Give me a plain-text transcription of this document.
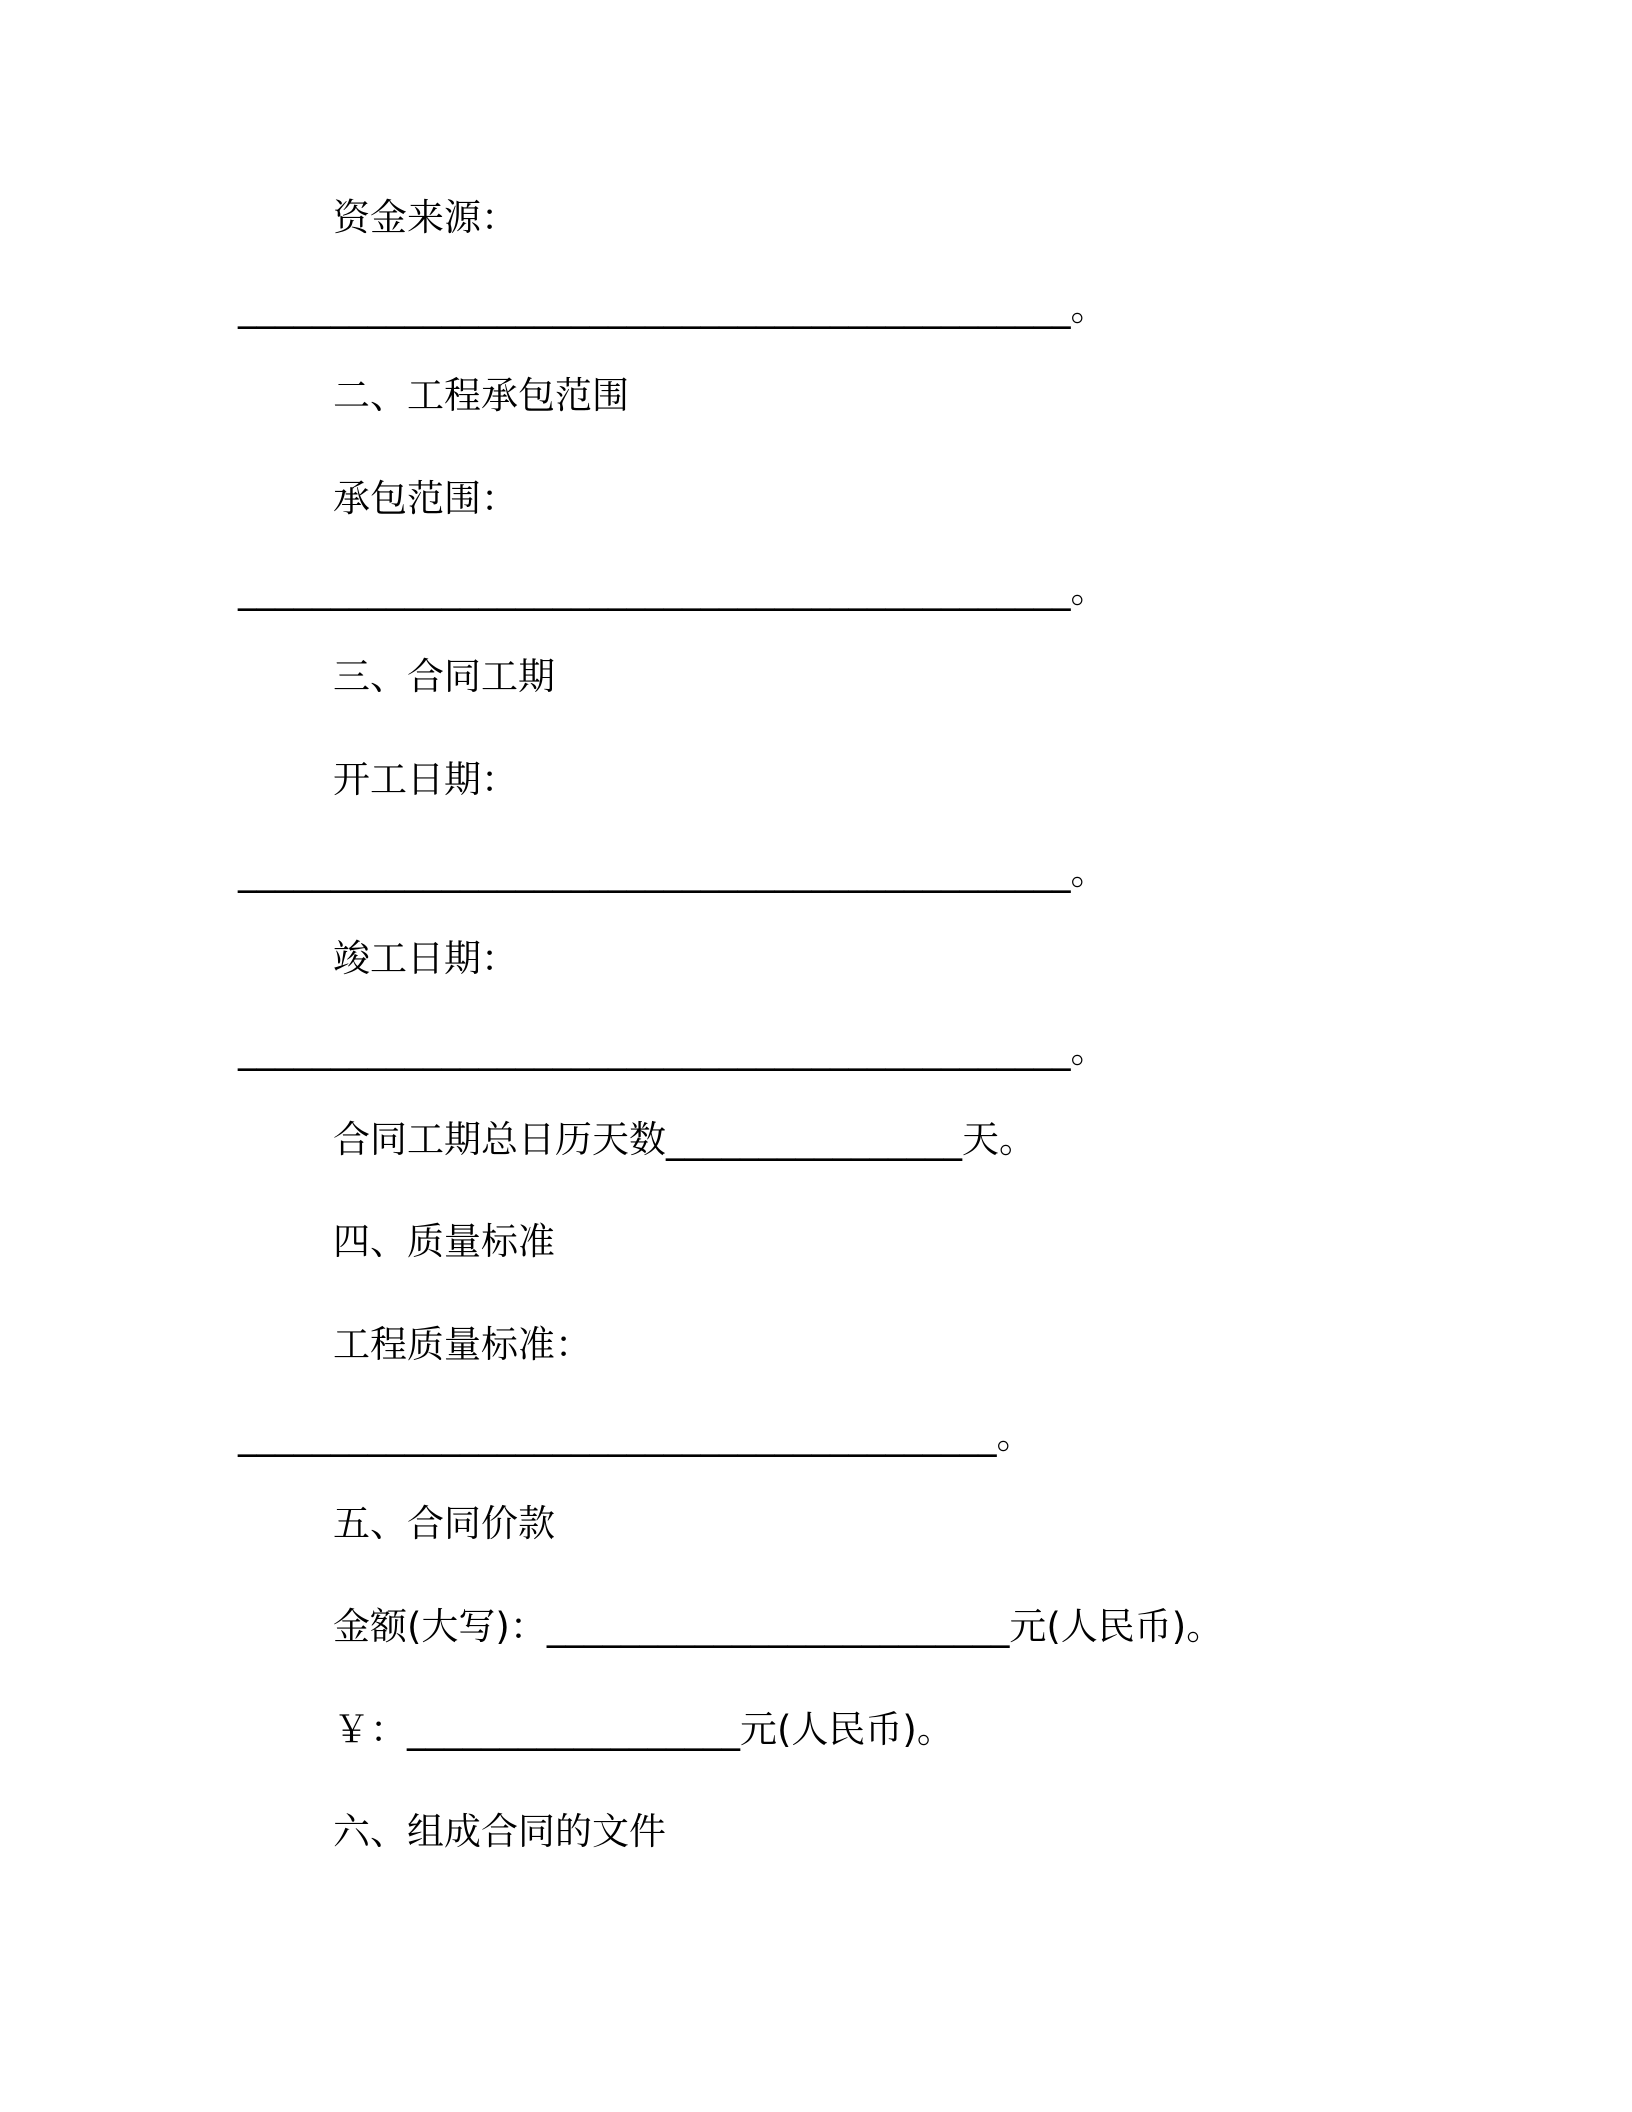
资金来源：
_____________________________________________。
二、工程承包范围
承包范围：
_____________________________________________。
三、合同工期
开工日期：
_____________________________________________。
竣工日期：
_____________________________________________。
合同工期总日历天数________________天。
四、质量标准
工程质量标准：
_________________________________________。
五、合同价款
金额(大写)：_________________________元(人民币)。
￥：__________________元(人民币)。
六、组成合同的文件
